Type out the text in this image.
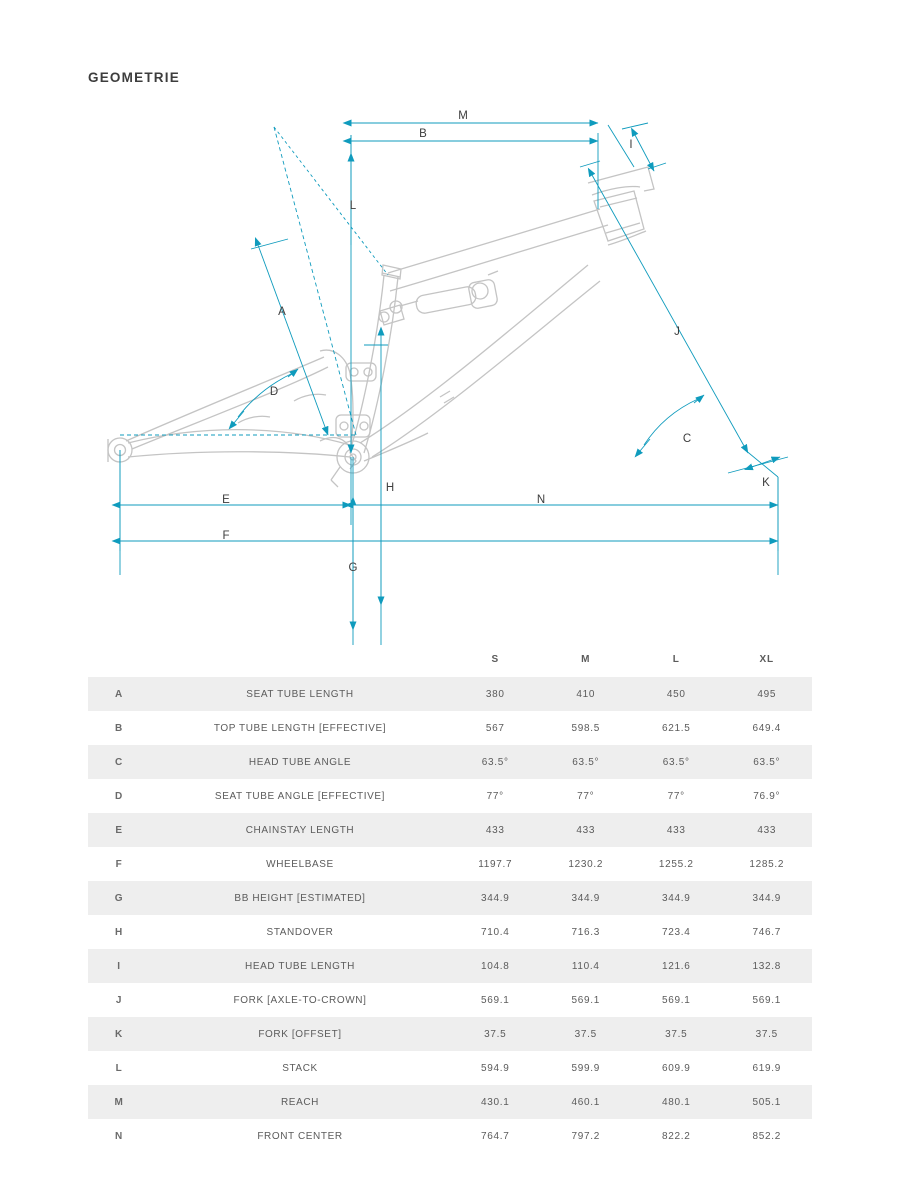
GEOMETRIE
M
B
L
I
A
D
J
C
K
H
G
E	N
F
		S	M	L	XL
A	SEAT TUBE LENGTH	380	410	450	495
B	TOP TUBE LENGTH [EFFECTIVE]	567	598.5	621.5	649.4
C	HEAD TUBE ANGLE	63.5°	63.5°	63.5°	63.5°
D	SEAT TUBE ANGLE [EFFECTIVE]	77°	77°	77°	76.9°
E	CHAINSTAY LENGTH	433	433	433	433
F	WHEELBASE	1197.7	1230.2	1255.2	1285.2
G	BB HEIGHT [ESTIMATED]	344.9	344.9	344.9	344.9
H	STANDOVER	710.4	716.3	723.4	746.7
I	HEAD TUBE LENGTH	104.8	110.4	121.6	132.8
J	FORK [AXLE-TO-CROWN]	569.1	569.1	569.1	569.1
K	FORK [OFFSET]	37.5	37.5	37.5	37.5
L	STACK	594.9	599.9	609.9	619.9
M	REACH	430.1	460.1	480.1	505.1
N	FRONT CENTER	764.7	797.2	822.2	852.2
